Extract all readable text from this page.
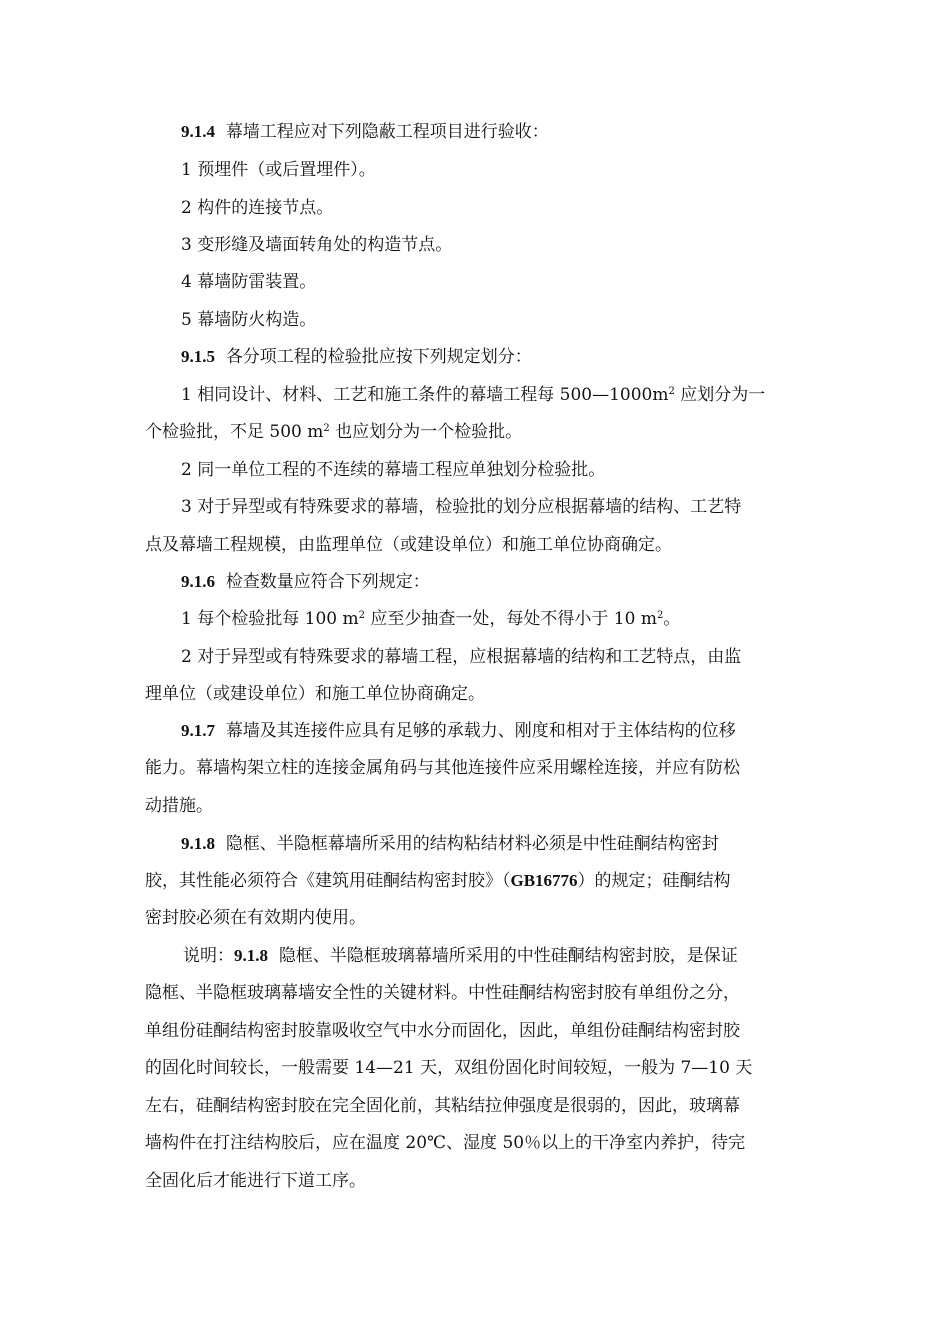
9.1.4 幕墙工程应对下列隐蔽工程项目进行验收：

1 预埋件（或后置埋件）。

2 构件的连接节点。

3 变形缝及墙面转角处的构造节点。

4 幕墙防雷装置。

5 幕墙防火构造。

9.1.5 各分项工程的检验批应按下列规定划分：

1 相同设计、材料、工艺和施工条件的幕墙工程每 $500—1000m^2$ 应划分为一

个检验批，不足 500 $m^2$ 也应划分为一个检验批。

2 同一单位工程的不连续的幕墙工程应单独划分检验批。

3 对于异型或有特殊要求的幕墙，检验批的划分应根据幕墙的结构、工艺特

点及幕墙工程规模，由监理单位（或建设单位）和施工单位协商确定。

9.1.6 检查数量应符合下列规定：

1 每个检验批每 100 $m^2$ 应至少抽查一处，每处不得小于 10 $m^2$。

2 对于异型或有特殊要求的幕墙工程，应根据幕墙的结构和工艺特点，由监

理单位（或建设单位）和施工单位协商确定。

9.1.7 幕墙及其连接件应具有足够的承载力、刚度和相对于主体结构的位移

能力。幕墙构架立柱的连接金属角码与其他连接件应采用螺栓连接，并应有防松

动措施。

9.1.8 隐框、半隐框幕墙所采用的结构粘结材料必须是中性硅酮结构密封

胶，其性能必须符合《建筑用硅酮结构密封胶》（GB16776）的规定；硅酮结构

密封胶必须在有效期内使用。

说明：9.1.8 隐框、半隐框玻璃幕墙所采用的中性硅酮结构密封胶，是保证

隐框、半隐框玻璃幕墙安全性的关键材料。中性硅酮结构密封胶有单组份之分，

单组份硅酮结构密封胶靠吸收空气中水分而固化，因此，单组份硅酮结构密封胶

的固化时间较长，一般需要 14—21 天，双组份固化时间较短，一般为 7—10 天

左右，硅酮结构密封胶在完全固化前，其粘结拉伸强度是很弱的，因此，玻璃幕

墙构件在打注结构胶后，应在温度 20℃、湿度 50％以上的干净室内养护，待完

全固化后才能进行下道工序。
